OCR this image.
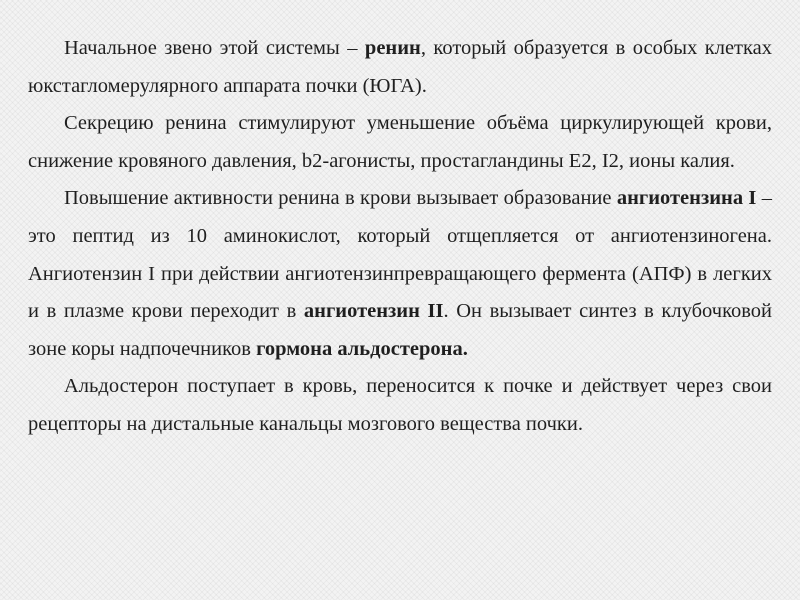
Начальное звено этой системы – ренин, который образуется в особых клетках юкстагломерулярного аппарата почки (ЮГА).

Секрецию ренина стимулируют уменьшение объёма циркулирующей крови, снижение кровяного давления, b2-агонисты, простагландины Е2, I2, ионы калия.

Повышение активности ренина в крови вызывает образование ангиотензина I – это пептид из 10 аминокислот, который отщепляется от ангиотензиногена. Ангиотензин I при действии ангиотензинпревращающего фермента (АПФ) в легких и в плазме крови переходит в ангиотензин II. Он вызывает синтез в клубочковой зоне коры надпочечников гормона альдостерона.

Альдостерон поступает в кровь, переносится к почке и действует через свои рецепторы на дистальные канальцы мозгового вещества почки.
